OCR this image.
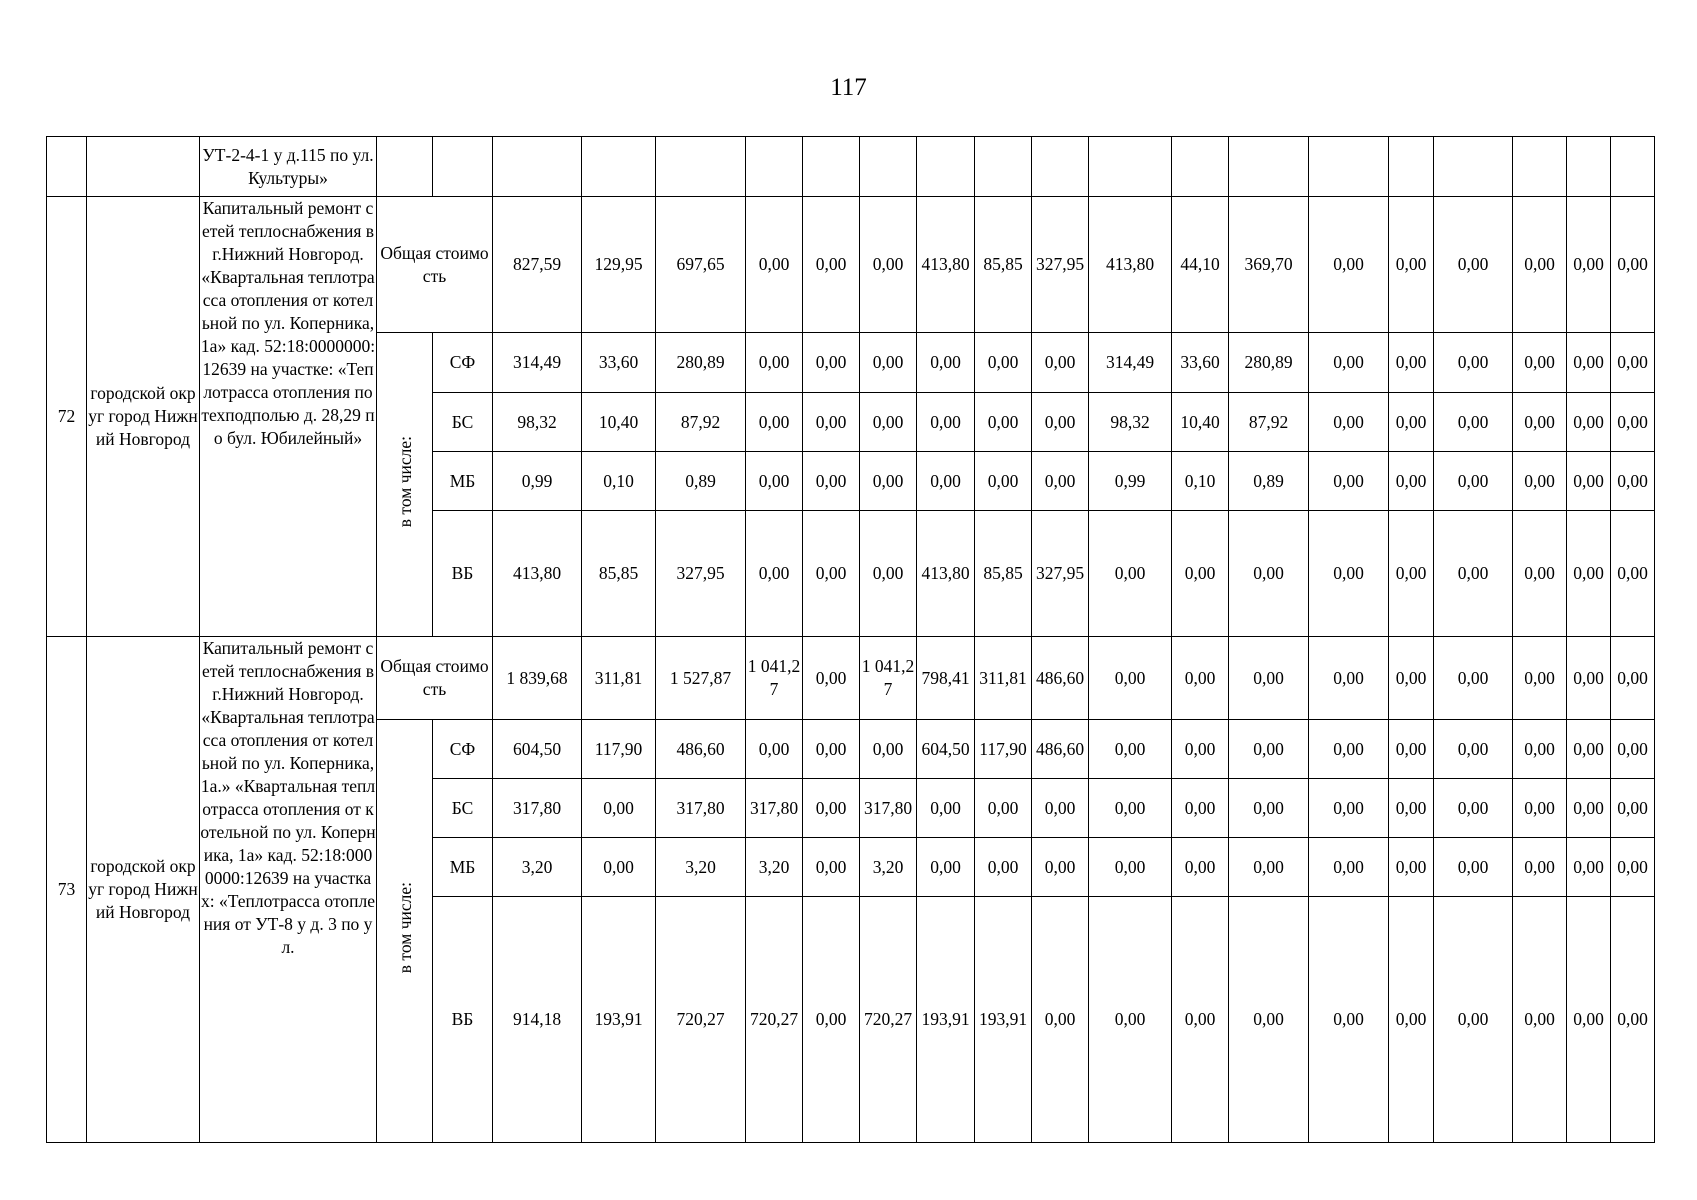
117
		УТ-2-4-1 у д.115 по ул. Культуры»																				
72	городской округ город Нижний Новгород	Капитальный ремонт сетей теплоснабжения в г.Нижний Новгород. «Квартальная теплотрасса отопления от котельной по ул. Коперника, 1а» кад. 52:18:0000000:12639 на участке: «Теплотрасса отопления по техподполью д. 28,29 по бул. Юбилейный»	Общая стоимость		827,59	129,95	697,65	0,00	0,00	0,00	413,80	85,85	327,95	413,80	44,10	369,70	0,00	0,00	0,00	0,00	0,00	0,00
			в том числе:	СФ	314,49	33,60	280,89	0,00	0,00	0,00	0,00	0,00	0,00	314,49	33,60	280,89	0,00	0,00	0,00	0,00	0,00	0,00
				БС	98,32	10,40	87,92	0,00	0,00	0,00	0,00	0,00	0,00	98,32	10,40	87,92	0,00	0,00	0,00	0,00	0,00	0,00
				МБ	0,99	0,10	0,89	0,00	0,00	0,00	0,00	0,00	0,00	0,99	0,10	0,89	0,00	0,00	0,00	0,00	0,00	0,00
				ВБ	413,80	85,85	327,95	0,00	0,00	0,00	413,80	85,85	327,95	0,00	0,00	0,00	0,00	0,00	0,00	0,00	0,00	0,00
73	городской округ город Нижний Новгород	Капитальный ремонт сетей теплоснабжения в г.Нижний Новгород. «Квартальная теплотрасса отопления от котельной по ул. Коперника, 1а.» «Квартальная теплотрасса отопления от котельной по ул. Коперника, 1а» кад. 52:18:0000000:12639 на участках: «Теплотрасса отопления от УТ-8 у д. 3 по ул.	Общая стоимость		1 839,68	311,81	1 527,87	1 041,27	0,00	1 041,27	798,41	311,81	486,60	0,00	0,00	0,00	0,00	0,00	0,00	0,00	0,00	0,00
			в том числе:	СФ	604,50	117,90	486,60	0,00	0,00	0,00	604,50	117,90	486,60	0,00	0,00	0,00	0,00	0,00	0,00	0,00	0,00	0,00
				БС	317,80	0,00	317,80	317,80	0,00	317,80	0,00	0,00	0,00	0,00	0,00	0,00	0,00	0,00	0,00	0,00	0,00	0,00
				МБ	3,20	0,00	3,20	3,20	0,00	3,20	0,00	0,00	0,00	0,00	0,00	0,00	0,00	0,00	0,00	0,00	0,00	0,00
				ВБ	914,18	193,91	720,27	720,27	0,00	720,27	193,91	193,91	0,00	0,00	0,00	0,00	0,00	0,00	0,00	0,00	0,00	0,00
